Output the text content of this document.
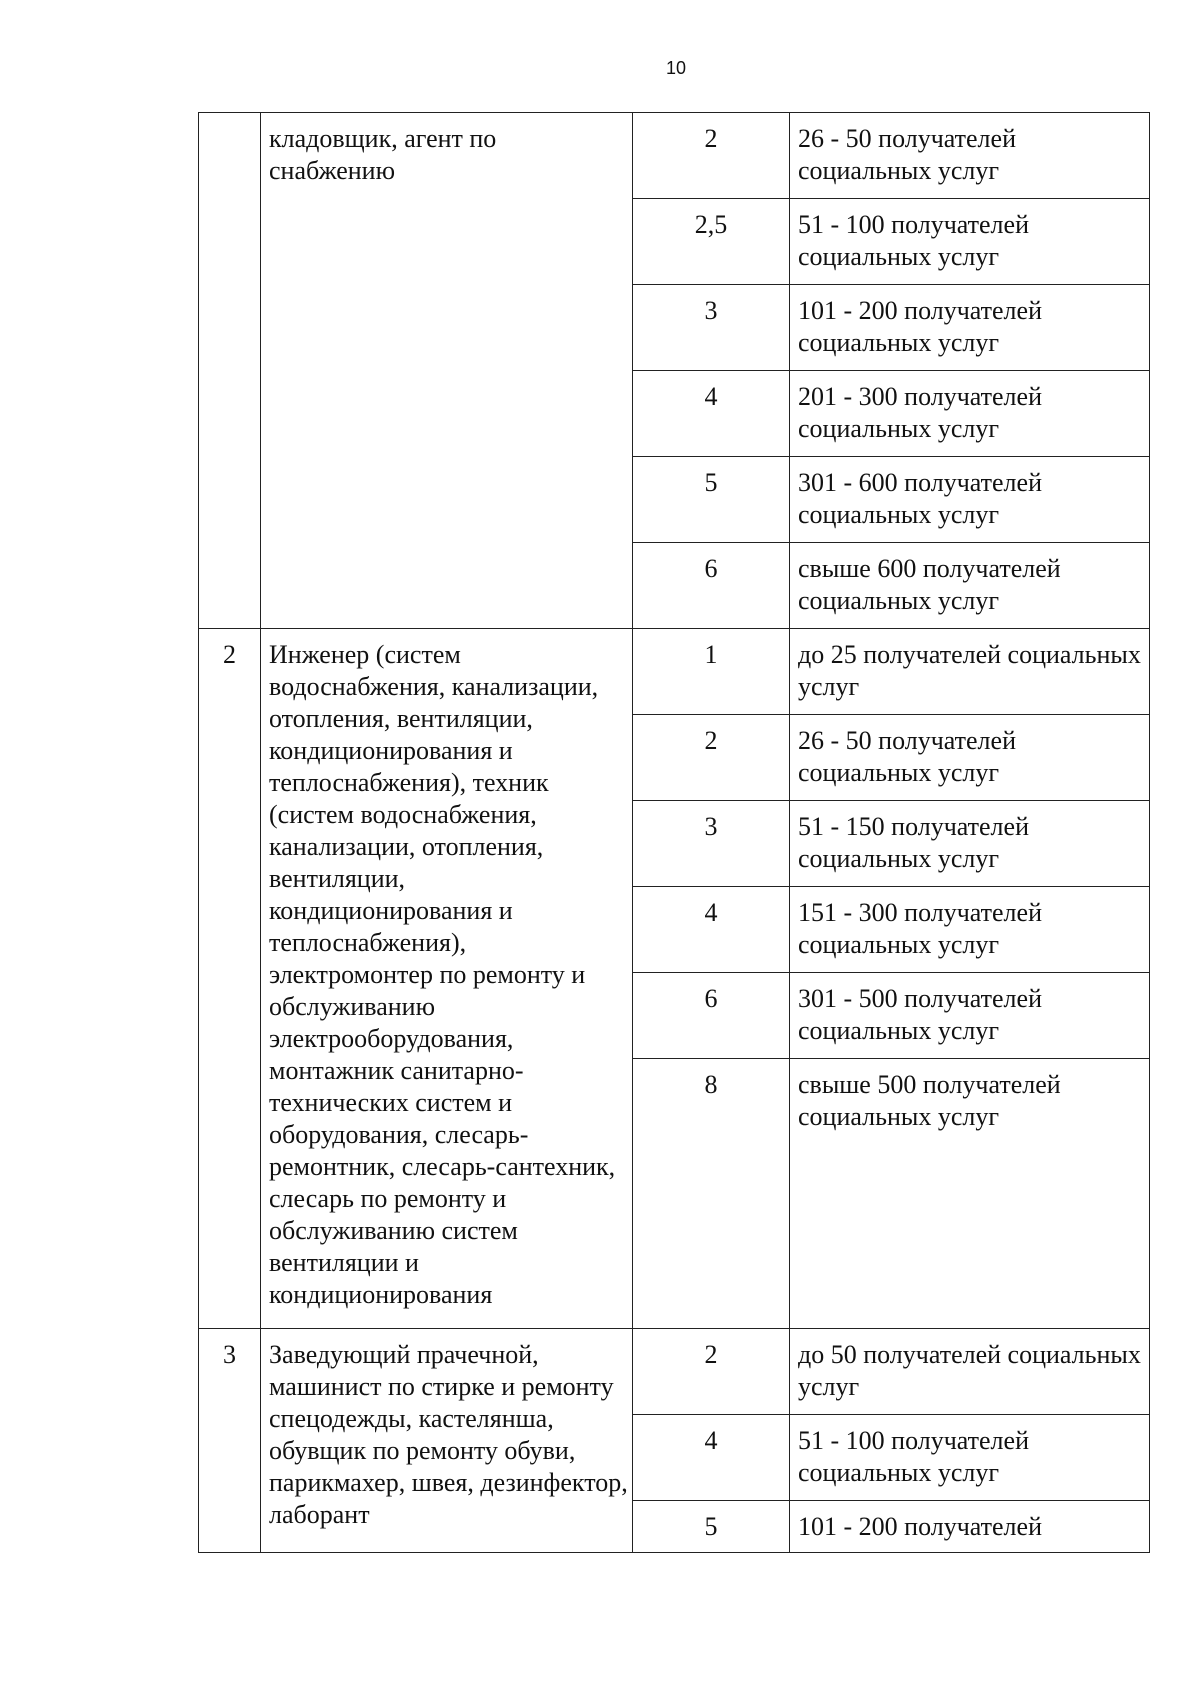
10
	кладовщик, агент по снабжению	2	26 - 50 получателей социальных услуг
		2,5	51 - 100 получателей социальных услуг
		3	101 - 200 получателей социальных услуг
		4	201 - 300 получателей социальных услуг
		5	301 - 600 получателей социальных услуг
		6	свыше 600 получателей социальных услуг
2	Инженер (систем водоснабжения, канализации, отопления, вентиляции, кондиционирования и теплоснабжения), техник (систем водоснабжения, канализации, отопления, вентиляции, кондиционирования и теплоснабжения), электромонтер по ремонту и обслуживанию электрооборудования, монтажник санитарно-технических систем и оборудования, слесарь-ремонтник, слесарь-сантехник, слесарь по ремонту и обслуживанию систем вентиляции и кондиционирования	1	до 25 получателей социальных услуг
		2	26 - 50 получателей социальных услуг
		3	51 - 150 получателей социальных услуг
		4	151 - 300 получателей социальных услуг
		6	301 - 500 получателей социальных услуг
		8	свыше 500 получателей социальных услуг
3	Заведующий прачечной, машинист по стирке и ремонту спецодежды, кастелянша, обувщик по ремонту обуви, парикмахер, швея, дезинфектор, лаборант	2	до 50 получателей социальных услуг
		4	51 - 100 получателей социальных услуг
		5	101 - 200 получателей
